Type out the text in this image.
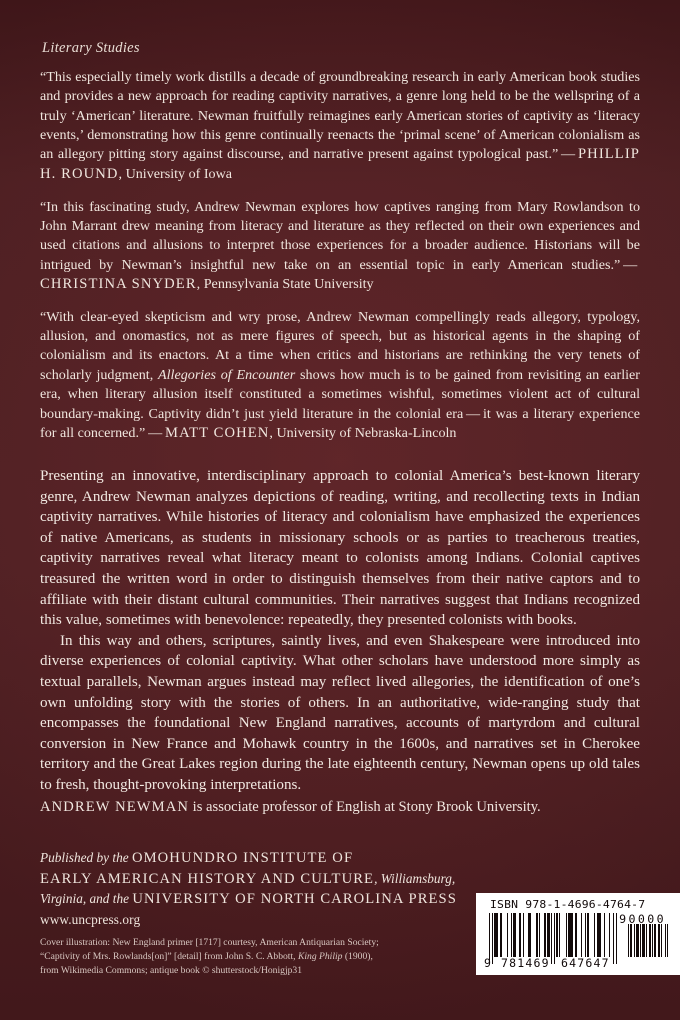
Literary Studies

“This especially timely work distills a decade of groundbreaking research in early American book studies and provides a new approach for reading captivity narratives, a genre long held to be the wellspring of a truly ‘American’ literature. Newman fruitfully reimagines early American stories of captivity as ‘literacy events,’ demonstrating how this genre continually reenacts the ‘primal scene’ of American colonialism as an allegory pitting story against discourse, and narrative present against typological past.” — PHILLIP H. ROUND, University of Iowa

“In this fascinating study, Andrew Newman explores how captives ranging from Mary Rowlandson to John Marrant drew meaning from literacy and literature as they reflected on their own experiences and used citations and allusions to interpret those experiences for a broader audience. Historians will be intrigued by Newman’s insightful new take on an essential topic in early American studies.” — CHRISTINA SNYDER, Pennsylvania State University

“With clear-eyed skepticism and wry prose, Andrew Newman compellingly reads allegory, typology, allusion, and onomastics, not as mere figures of speech, but as historical agents in the shaping of colonialism and its enactors. At a time when critics and historians are rethinking the very tenets of scholarly judgment, Allegories of Encounter shows how much is to be gained from revisiting an earlier era, when literary allusion itself constituted a sometimes wishful, sometimes violent act of cultural boundary-making. Captivity didn’t just yield literature in the colonial era — it was a literary experience for all concerned.” — MATT COHEN, University of Nebraska-Lincoln

Presenting an innovative, interdisciplinary approach to colonial America’s best-known literary genre, Andrew Newman analyzes depictions of reading, writing, and recollecting texts in Indian captivity narratives. While histories of literacy and colonialism have emphasized the experiences of native Americans, as students in missionary schools or as parties to treacherous treaties, captivity narratives reveal what literacy meant to colonists among Indians. Colonial captives treasured the written word in order to distinguish themselves from their native captors and to affiliate with their distant cultural communities. Their narratives suggest that Indians recognized this value, sometimes with benevolence: repeatedly, they presented colonists with books.

In this way and others, scriptures, saintly lives, and even Shakespeare were introduced into diverse experiences of colonial captivity. What other scholars have understood more simply as textual parallels, Newman argues instead may reflect lived allegories, the identification of one’s own unfolding story with the stories of others. In an authoritative, wide-ranging study that encompasses the foundational New England narratives, accounts of martyrdom and cultural conversion in New France and Mohawk country in the 1600s, and narratives set in Cherokee territory and the Great Lakes region during the late eighteenth century, Newman opens up old tales to fresh, thought-provoking interpretations.

ANDREW NEWMAN is associate professor of English at Stony Brook University.
Published by the OMOHUNDRO INSTITUTE OF
EARLY AMERICAN HISTORY AND CULTURE, Williamsburg,
Virginia, and the UNIVERSITY OF NORTH CAROLINA PRESS
www.uncpress.org
Cover illustration: New England primer [1717] courtesy, American Antiquarian Society;
“Captivity of Mrs. Rowlands[on]” [detail] from John S. C. Abbott, King Philip (1900),
from Wikimedia Commons; antique book © shutterstock/Honigjp31
ISBN 978-1-4696-4764-7
90000
9 781469 647647
